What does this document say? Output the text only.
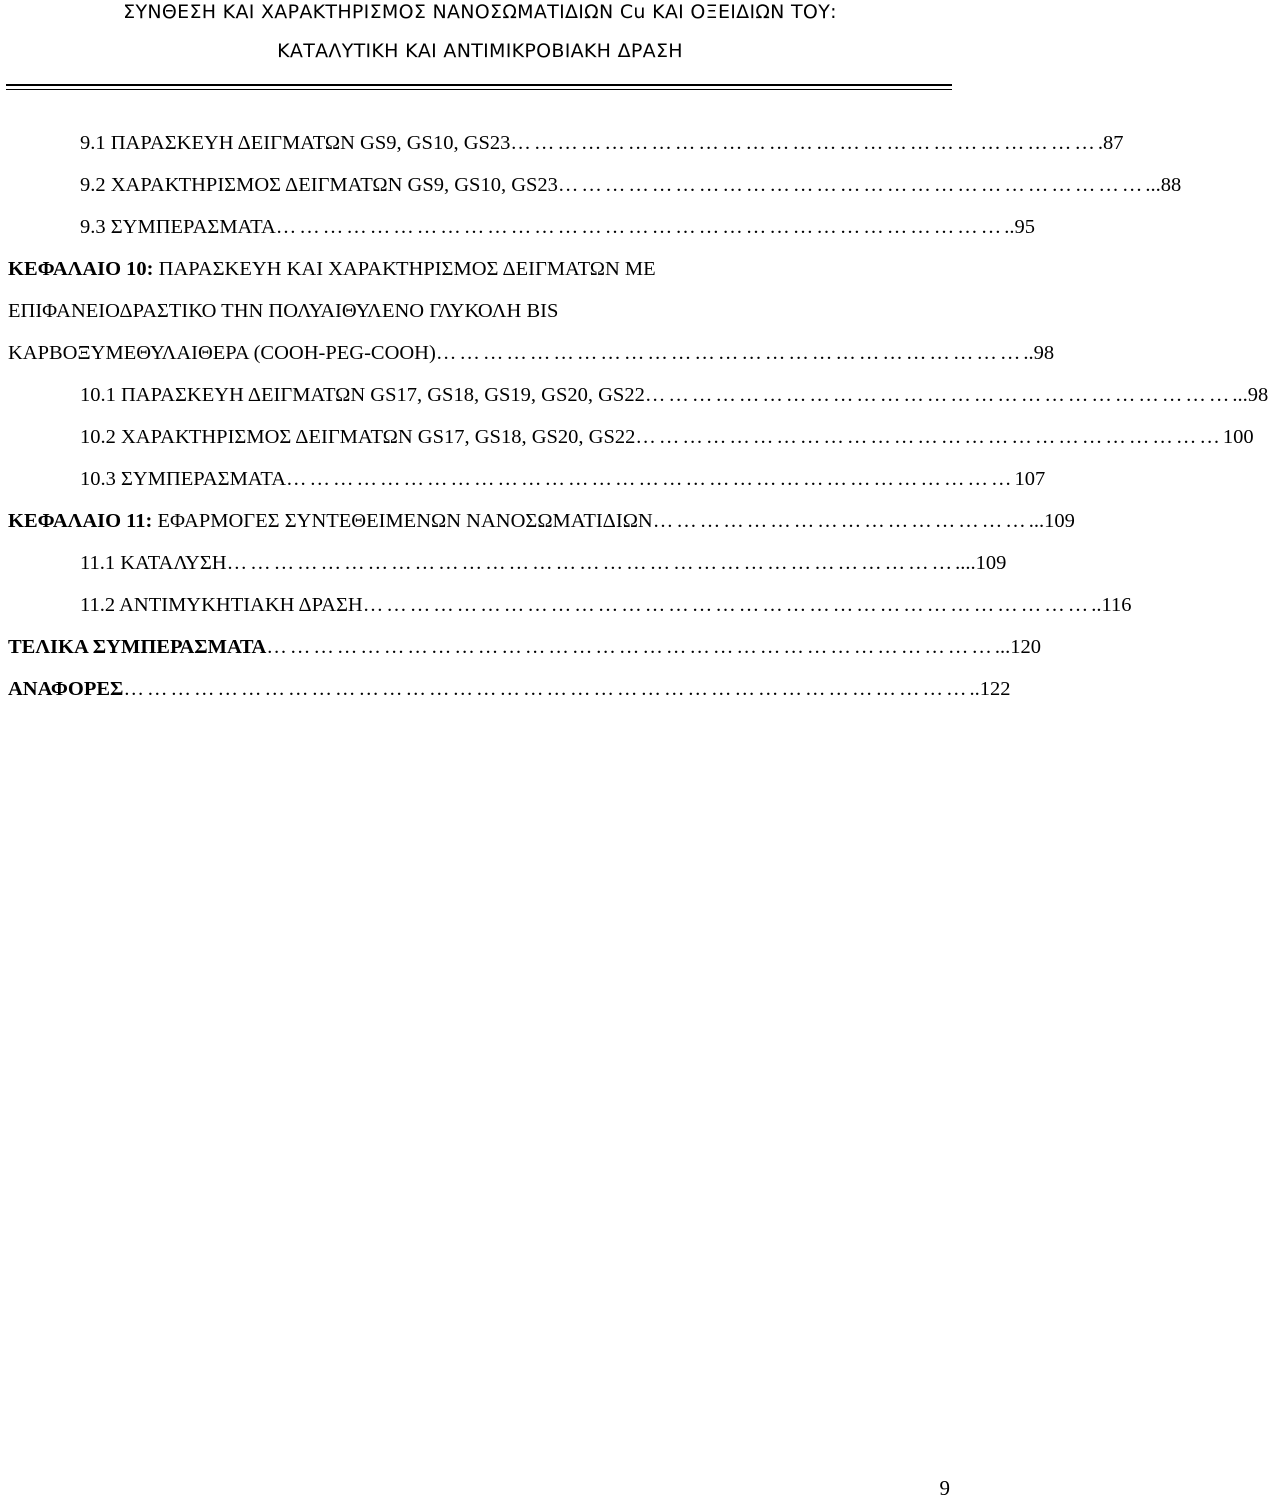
ΣΥΝΘΕΣΗ ΚΑΙ ΧΑΡΑΚΤΗΡΙΣΜΟΣ ΝΑΝΟΣΩΜΑΤΙΔΙΩΝ Cu ΚΑΙ ΟΞΕΙΔΙΩΝ ΤΟΥ:
ΚΑΤΑΛΥΤΙΚΗ ΚΑΙ ΑΝΤΙΜΙΚΡΟΒΙΑΚΗ ΔΡΑΣΗ
9.1 ΠΑΡΑΣΚΕΥΗ ΔΕΙΓΜΑΤΩΝ GS9, GS10, GS23 ………………………………………………………………… .87
9.2 ΧΑΡΑΚΤΗΡΙΣΜΟΣ ΔΕΙΓΜΑΤΩΝ GS9, GS10, GS23 ………………………………………………………………… ...88
9.3 ΣΥΜΠΕΡΑΣΜΑΤΑ ………………………………………………………………………………… ..95
ΚΕΦΑΛΑΙΟ 10: ΠΑΡΑΣΚΕΥΗ ΚΑΙ ΧΑΡΑΚΤΗΡΙΣΜΟΣ ΔΕΙΓΜΑΤΩΝ ΜΕ
ΕΠΙΦΑΝΕΙΟΔΡΑΣΤΙΚΟ ΤΗΝ ΠΟΛΥΑΙΘΥΛΕΝΟ ΓΛΥΚΟΛΗ BIS
ΚΑΡΒΟΞΥΜΕΘΥΛΑΙΘΕΡΑ (COOH-PEG-COOH) ………………………………………………………………… ..98
10.1 ΠΑΡΑΣΚΕΥΗ ΔΕΙΓΜΑΤΩΝ GS17, GS18, GS19, GS20, GS22 ………………………………………………………………… ...98
10.2 ΧΑΡΑΚΤΗΡΙΣΜΟΣ ΔΕΙΓΜΑΤΩΝ GS17, GS18, GS20, GS22 ………………………………………………………………… 100
10.3 ΣΥΜΠΕΡΑΣΜΑΤΑ ………………………………………………………………………………… 107
ΚΕΦΑΛΑΙΟ 11: ΕΦΑΡΜΟΓΕΣ ΣΥΝΤΕΘΕΙΜΕΝΩΝ ΝΑΝΟΣΩΜΑΤΙΔΙΩΝ ………………………………………… ...109
11.1 ΚΑΤΑΛΥΣΗ ………………………………………………………………………………… ....109
11.2 ΑΝΤΙΜΥΚΗΤΙΑΚΗ ΔΡΑΣΗ ………………………………………………………………………………… ..116
ΤΕΛΙΚΑ ΣΥΜΠΕΡΑΣΜΑΤΑ ………………………………………………………………………………… ...120
ΑΝΑΦΟΡΕΣ ……………………………………………………………………………………………… ..122
9
